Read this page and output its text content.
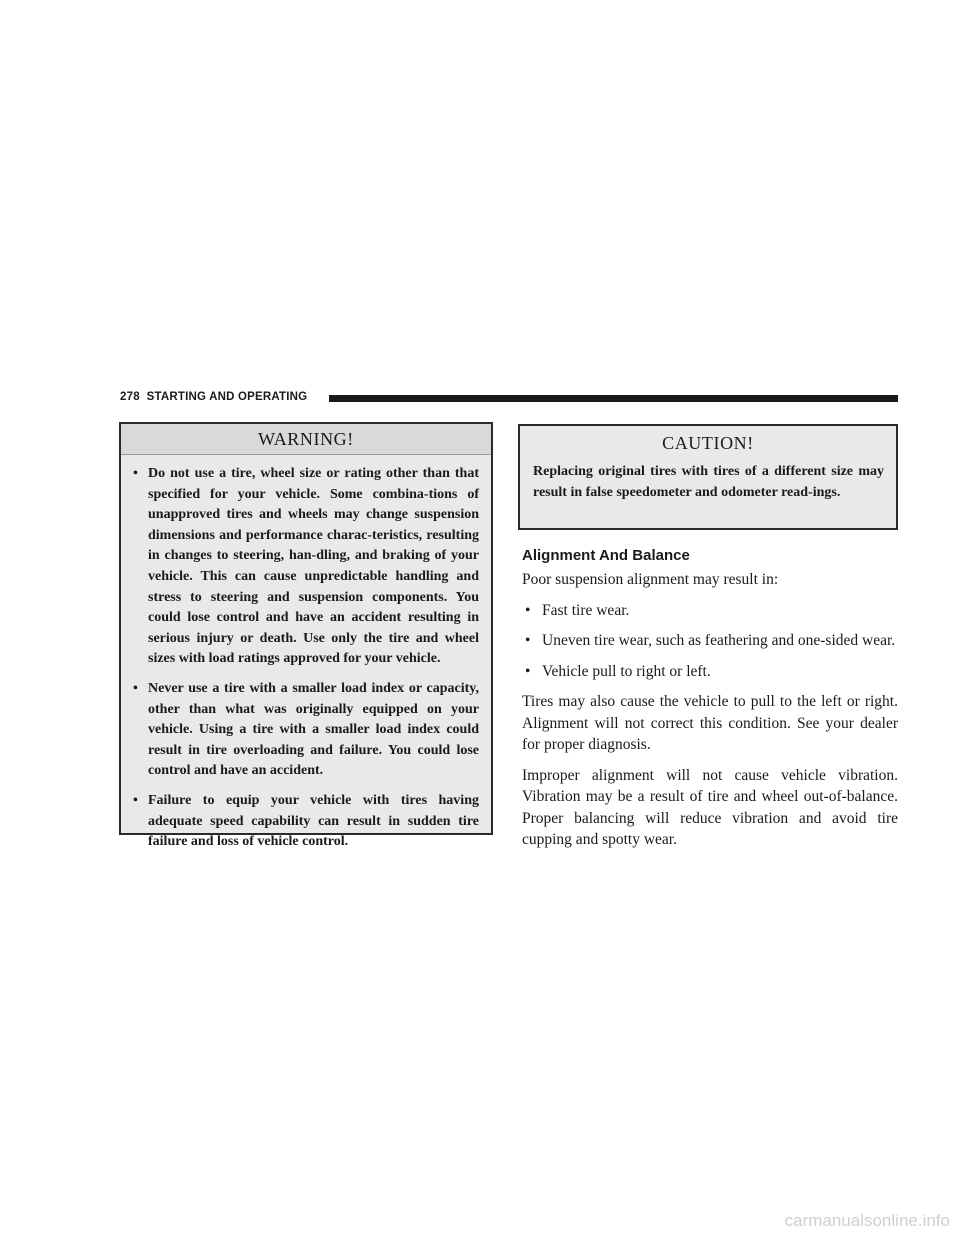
278 STARTING AND OPERATING
WARNING!
• Do not use a tire, wheel size or rating other than that specified for your vehicle. Some combina-tions of unapproved tires and wheels may change suspension dimensions and performance charac-teristics, resulting in changes to steering, han-dling, and braking of your vehicle. This can cause unpredictable handling and stress to steering and suspension components. You could lose control and have an accident resulting in serious injury or death. Use only the tire and wheel sizes with load ratings approved for your vehicle.
• Never use a tire with a smaller load index or capacity, other than what was originally equipped on your vehicle. Using a tire with a smaller load index could result in tire overloading and failure. You could lose control and have an accident.
• Failure to equip your vehicle with tires having adequate speed capability can result in sudden tire failure and loss of vehicle control.
CAUTION!

Replacing original tires with tires of a different size may result in false speedometer and odometer read-ings.

Alignment And Balance

Poor suspension alignment may result in:

• Fast tire wear.
• Uneven tire wear, such as feathering and one-sided wear.
• Vehicle pull to right or left.

Tires may also cause the vehicle to pull to the left or right. Alignment will not correct this condition. See your dealer for proper diagnosis.

Improper alignment will not cause vehicle vibration. Vibration may be a result of tire and wheel out-of-balance. Proper balancing will reduce vibration and avoid tire cupping and spotty wear.

carmanualsonline.info
